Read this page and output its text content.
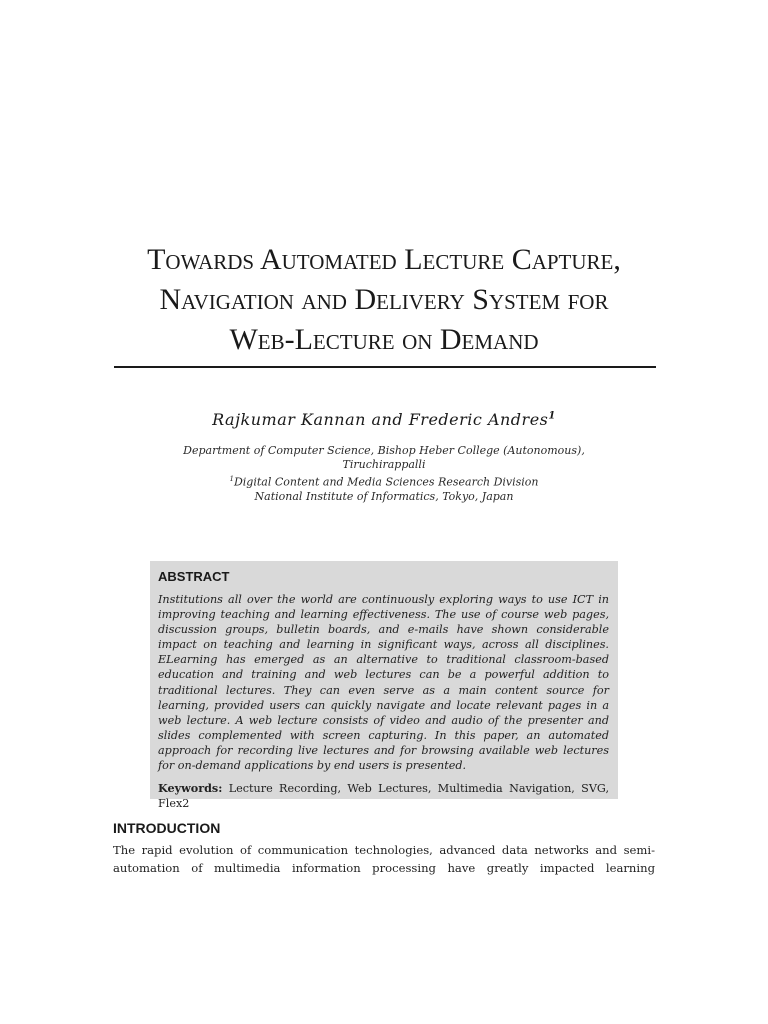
Towards Automated Lecture Capture,
Navigation and Delivery System for
Web-Lecture on Demand
Rajkumar Kannan and Frederic Andres$^1$
Department of Computer Science, Bishop Heber College (Autonomous),
Tiruchirappalli
$^1$Digital Content and Media Sciences Research Division
National Institute of Informatics, Tokyo, Japan
ABSTRACT
Institutions all over the world are continuously exploring ways to use ICT in improving teaching and learning effectiveness. The use of course web pages, discussion groups, bulletin boards, and e-mails have shown considerable impact on teaching and learning in significant ways, across all disciplines. ELearning has emerged as an alternative to traditional classroom-based education and training and web lectures can be a powerful addition to traditional lectures. They can even serve as a main content source for learning, provided users can quickly navigate and locate relevant pages in a web lecture. A web lecture consists of video and audio of the presenter and slides complemented with screen capturing. In this paper, an automated approach for recording live lectures and for browsing available web lectures for on-demand applications by end users is presented.
Keywords: Lecture Recording, Web Lectures, Multimedia Navigation, SVG, Flex2
INTRODUCTION
The rapid evolution of communication technologies, advanced data networks and semi-automation of multimedia information processing have greatly impacted learning
